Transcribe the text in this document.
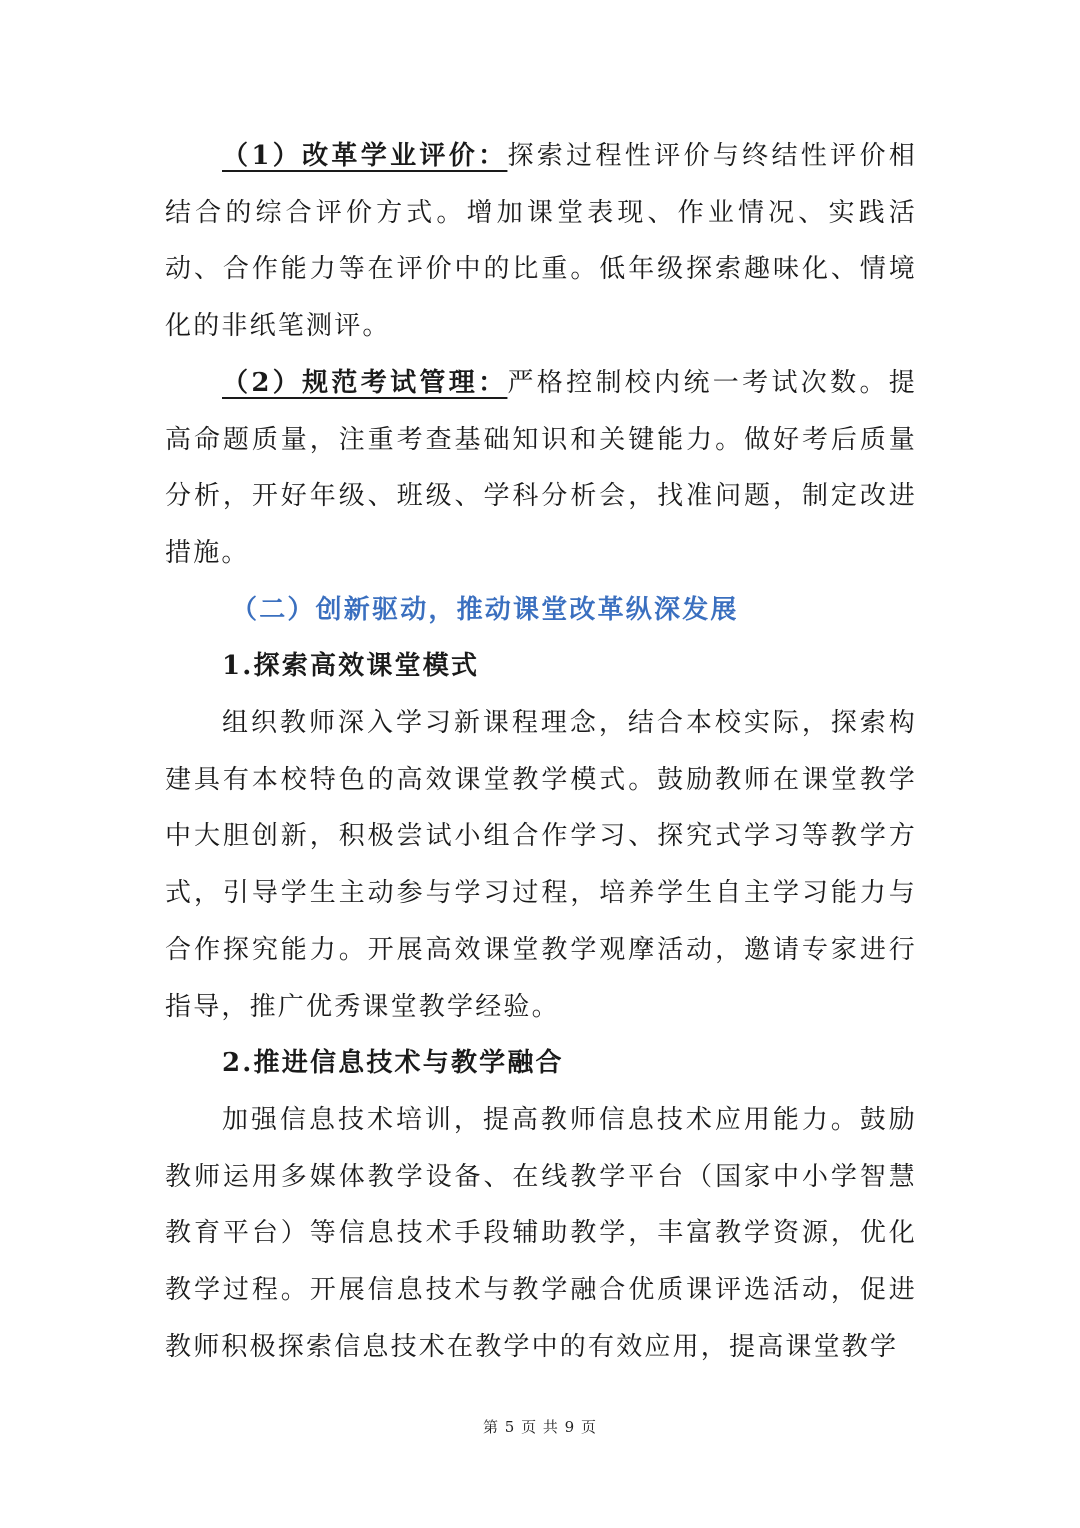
（1）改革学业评价：探索过程性评价与终结性评价相结合的综合评价方式。增加课堂表现、作业情况、实践活动、合作能力等在评价中的比重。低年级探索趣味化、情境化的非纸笔测评。

（2）规范考试管理：严格控制校内统一考试次数。提高命题质量，注重考查基础知识和关键能力。做好考后质量分析，开好年级、班级、学科分析会，找准问题，制定改进措施。

（二）创新驱动，推动课堂改革纵深发展

1.探索高效课堂模式

组织教师深入学习新课程理念，结合本校实际，探索构建具有本校特色的高效课堂教学模式。鼓励教师在课堂教学中大胆创新，积极尝试小组合作学习、探究式学习等教学方式，引导学生主动参与学习过程，培养学生自主学习能力与合作探究能力。开展高效课堂教学观摩活动，邀请专家进行指导，推广优秀课堂教学经验。

2.推进信息技术与教学融合

加强信息技术培训，提高教师信息技术应用能力。鼓励教师运用多媒体教学设备、在线教学平台（国家中小学智慧教育平台）等信息技术手段辅助教学，丰富教学资源，优化教学过程。开展信息技术与教学融合优质课评选活动，促进教师积极探索信息技术在教学中的有效应用，提高课堂教学

第 5 页 共 9 页
